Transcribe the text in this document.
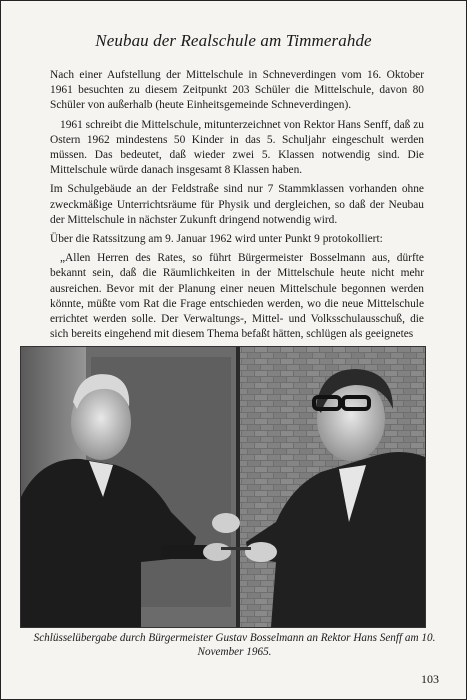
Neubau der Realschule am Timmerahde

Nach einer Aufstellung der Mittelschule in Schneverdingen vom 16. Oktober 1961 besuchten zu diesem Zeitpunkt 203 Schüler die Mittelschule, davon 80 Schüler von außerhalb (heute Einheitsgemeinde Schneverdingen).

1961 schreibt die Mittelschule, mitunterzeichnet von Rektor Hans Senff, daß zu Ostern 1962 mindestens 50 Kinder in das 5. Schuljahr eingeschult werden müssen. Das bedeutet, daß wieder zwei 5. Klassen notwendig sind. Die Mittelschule würde danach insgesamt 8 Klassen haben.

Im Schulgebäude an der Feldstraße sind nur 7 Stammklassen vorhanden ohne zweckmäßige Unterrichtsräume für Physik und dergleichen, so daß der Neubau der Mittelschule in nächster Zukunft dringend notwendig wird.

Über die Ratssitzung am 9. Januar 1962 wird unter Punkt 9 protokolliert:

„Allen Herren des Rates, so führt Bürgermeister Bosselmann aus, dürfte bekannt sein, daß die Räumlichkeiten in der Mittelschule heute nicht mehr ausreichen. Bevor mit der Planung einer neuen Mittelschule begonnen werden könnte, müßte vom Rat die Frage entschieden werden, wo die neue Mittelschule errichtet werden solle. Der Verwaltungs-, Mittel- und Volksschulausschuß, die sich bereits eingehend mit diesem Thema befaßt hätten, schlügen als geeignetes

Schlüsselübergabe durch Bürgermeister Gustav Bosselmann an Rektor Hans Senff am 10. November 1965.
103
